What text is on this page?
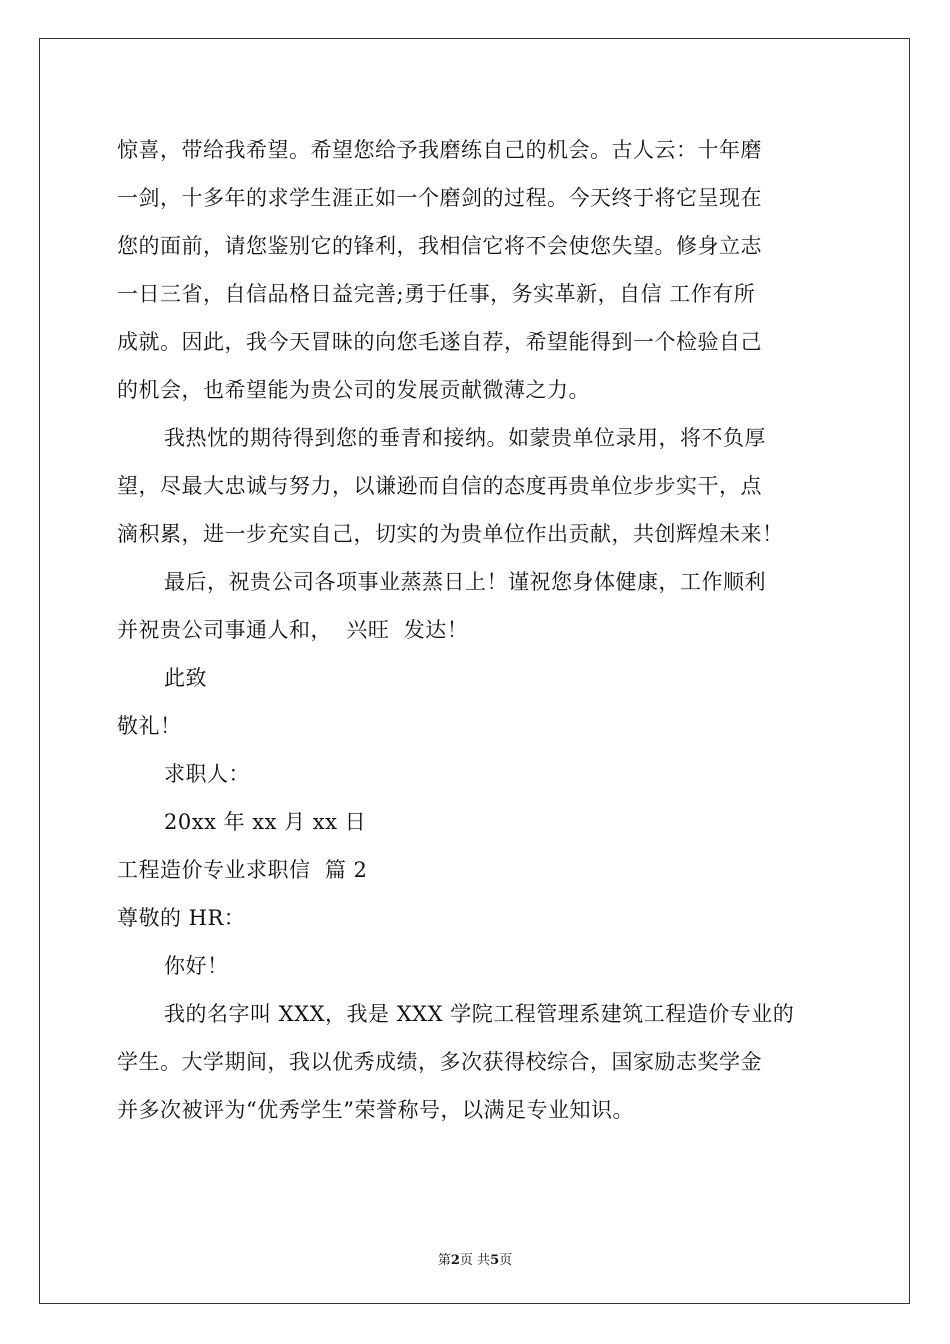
惊喜，带给我希望。希望您给予我磨练自己的机会。古人云：十年磨
一剑，十多年的求学生涯正如一个磨剑的过程。今天终于将它呈现在
您的面前，请您鉴别它的锋利，我相信它将不会使您失望。修身立志
一日三省，自信品格日益完善;勇于任事，务实革新，自信 工作有所
成就。因此，我今天冒昧的向您毛遂自荐，希望能得到一个检验自己
的机会，也希望能为贵公司的发展贡献微薄之力。
我热忱的期待得到您的垂青和接纳。如蒙贵单位录用，将不负厚
望，尽最大忠诚与努力，以谦逊而自信的态度再贵单位步步实干，点
滴积累，进一步充实自己，切实的为贵单位作出贡献，共创辉煌未来！
最后，祝贵公司各项事业蒸蒸日上！谨祝您身体健康，工作顺利
并祝贵公司事通人和，  兴旺  发达！
此致
敬礼！
求职人：
20xx 年 xx 月 xx 日
工程造价专业求职信  篇 2
尊敬的 HR：
你好！
我的名字叫 XXX，我是 XXX 学院工程管理系建筑工程造价专业的
学生。大学期间，我以优秀成绩，多次获得校综合，国家励志奖学金
并多次被评为“优秀学生”荣誉称号，以满足专业知识。
第2页 共5页
